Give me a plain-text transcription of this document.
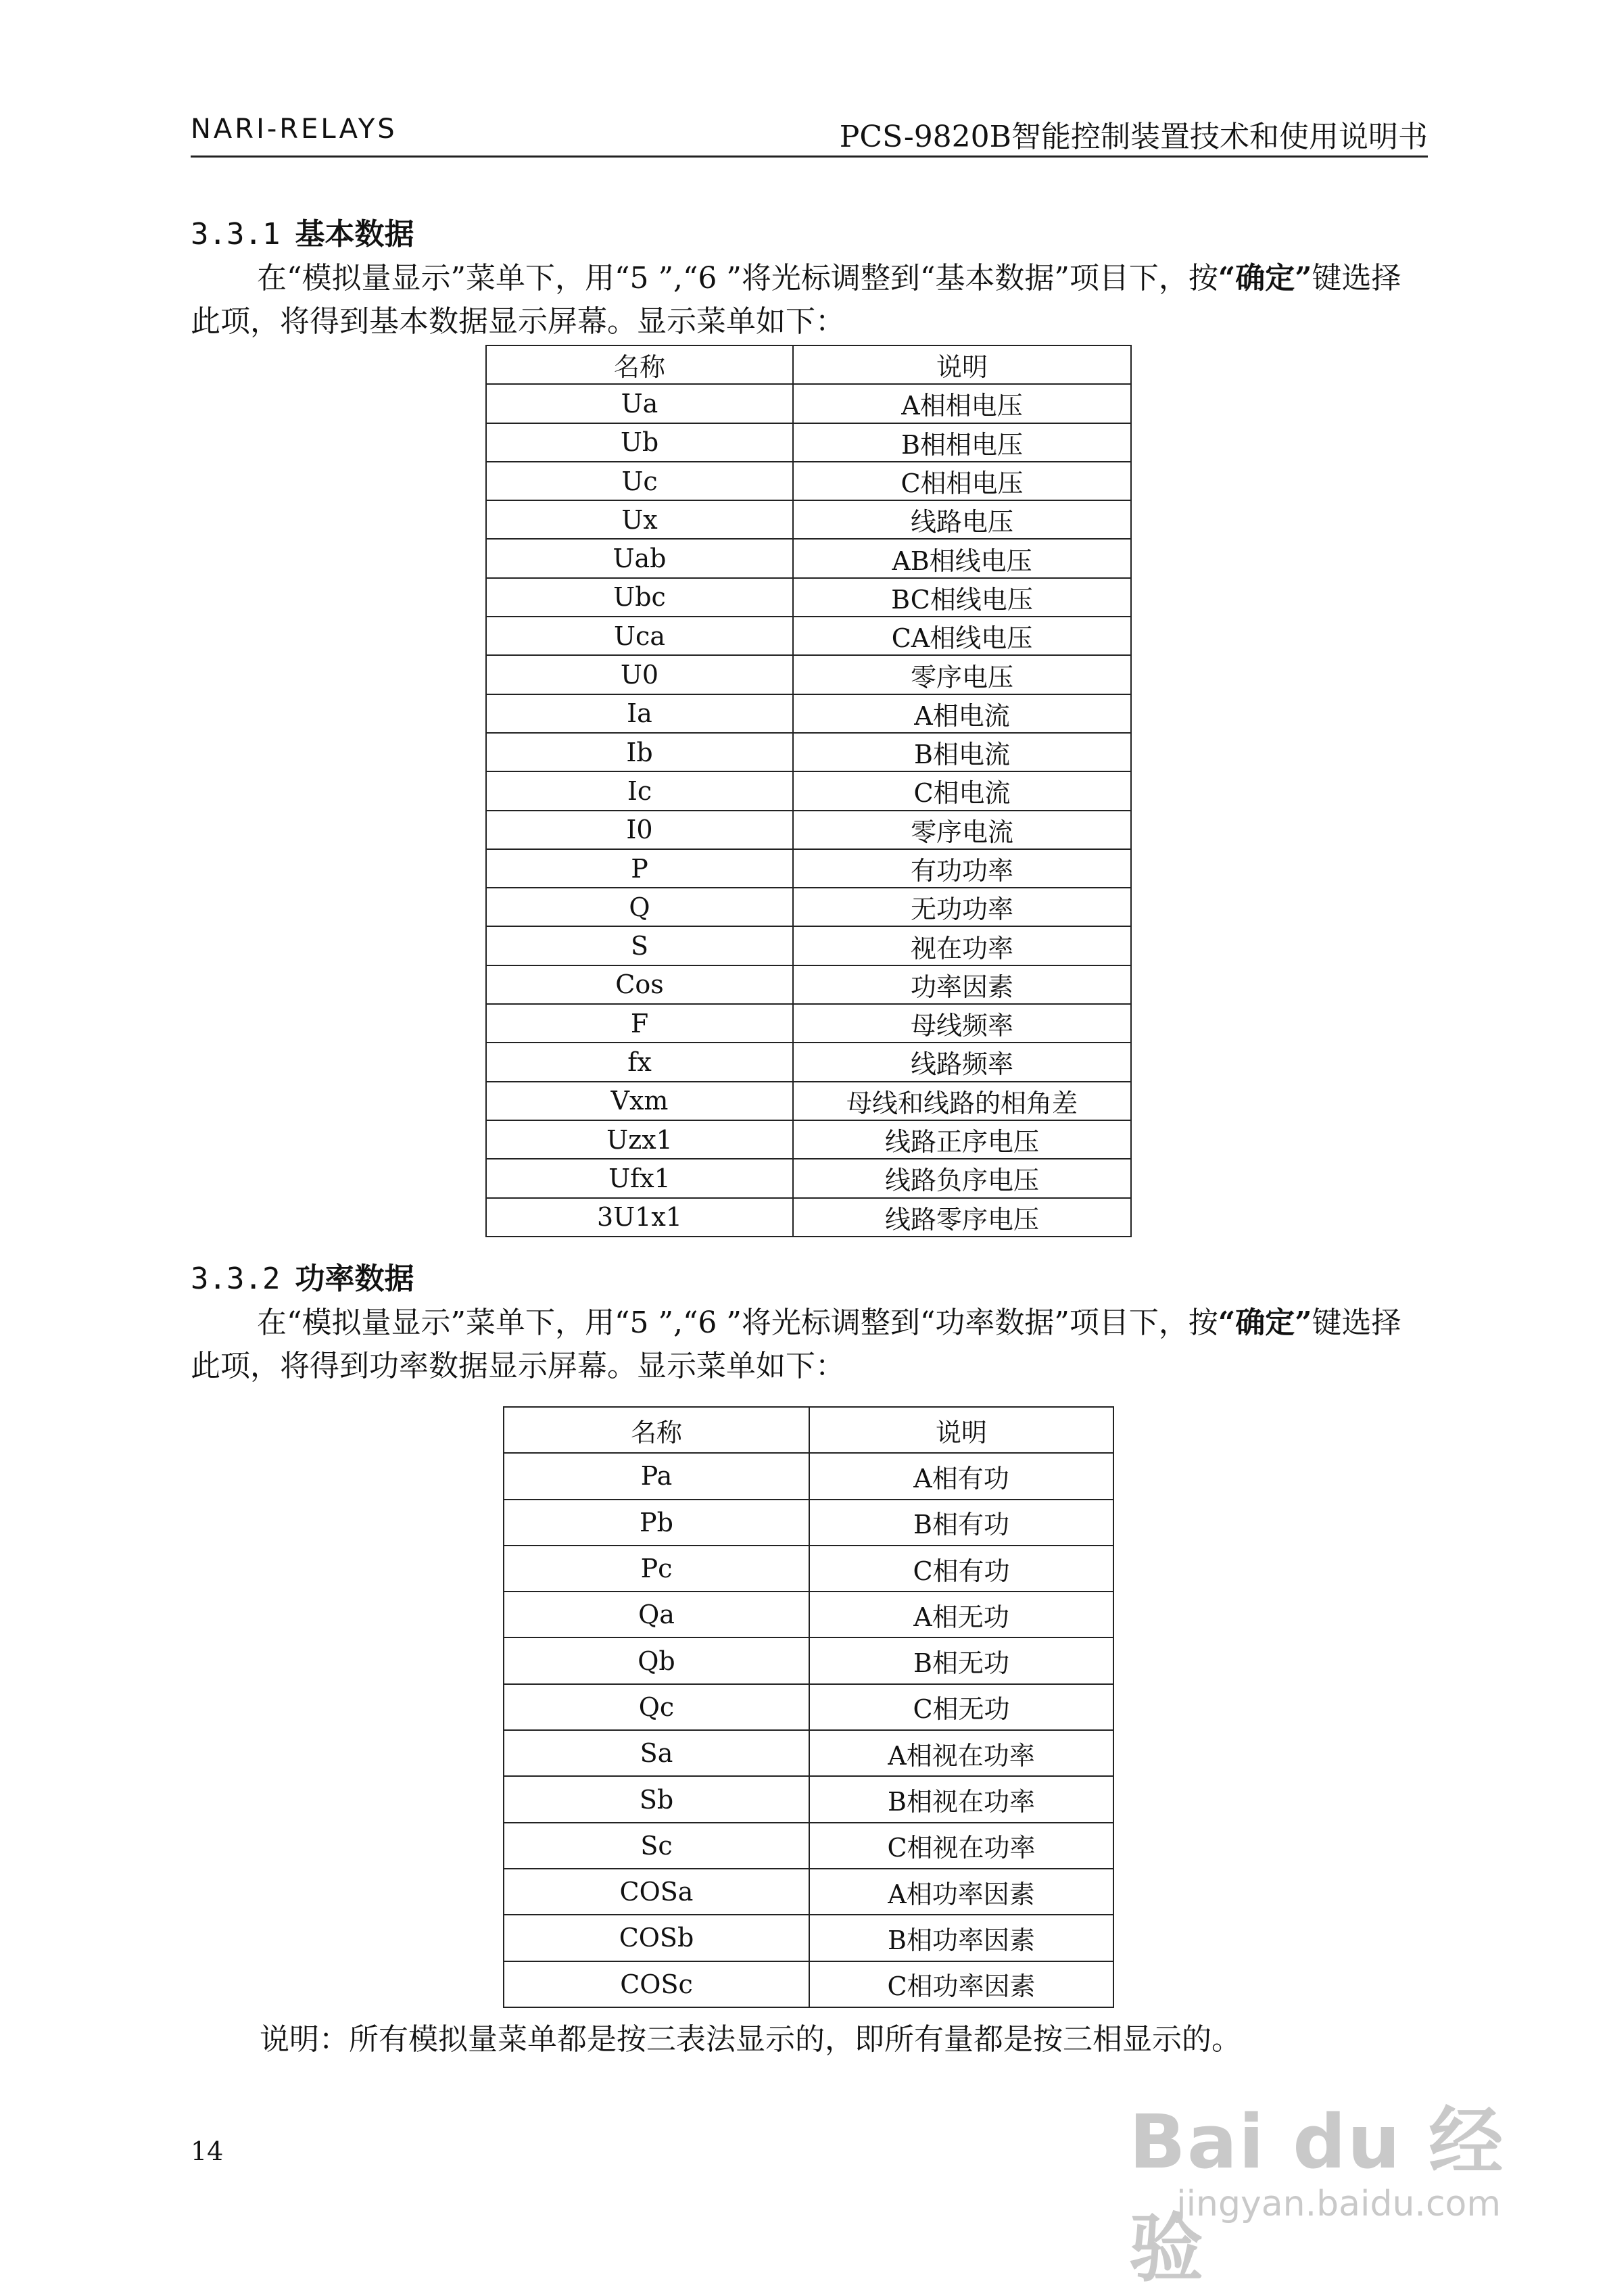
NARI-RELAYS	PCS-9820B智能控制装置技术和使用说明书
3.3.1 基本数据

在“模拟量显示”菜单下，用“5 ”,“6 ”将光标调整到“基本数据”项目下，按“确定”键选择此项，将得到基本数据显示屏幕。显示菜单如下：

名称	说明
Ua	A相相电压
Ub	B相相电压
Uc	C相相电压
Ux	线路电压
Uab	AB相线电压
Ubc	BC相线电压
Uca	CA相线电压
U0	零序电压
Ia	A相电流
Ib	B相电流
Ic	C相电流
I0	零序电流
P	有功功率
Q	无功功率
S	视在功率
Cos	功率因素
F	母线频率
fx	线路频率
Vxm	母线和线路的相角差
Uzx1	线路正序电压
Ufx1	线路负序电压
3U1x1	线路零序电压
3.3.2 功率数据

在“模拟量显示”菜单下，用“5 ”,“6 ”将光标调整到“功率数据”项目下，按“确定”键选择此项，将得到功率数据显示屏幕。显示菜单如下：

名称	说明
Pa	A相有功
Pb	B相有功
Pc	C相有功
Qa	A相无功
Qb	B相无功
Qc	C相无功
Sa	A相视在功率
Sb	B相视在功率
Sc	C相视在功率
COSa	A相功率因素
COSb	B相功率因素
COSc	C相功率因素
说明：所有模拟量菜单都是按三表法显示的，即所有量都是按三相显示的。
14	Bai du 经验
jingyan.baidu.com
